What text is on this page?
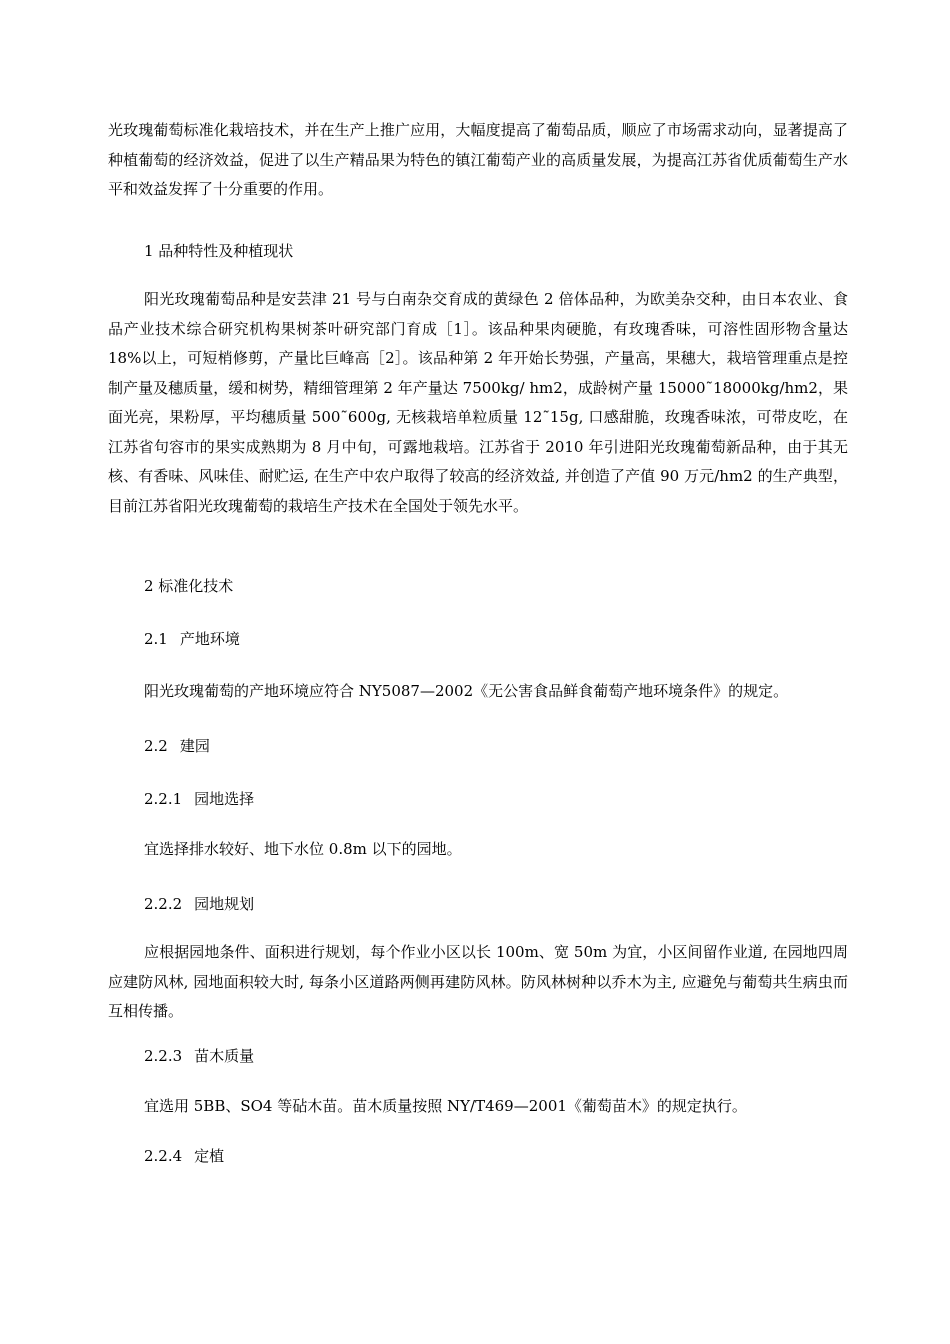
光玫瑰葡萄标准化栽培技术，并在生产上推广应用，大幅度提高了葡萄品质，顺应了市场需求动向，显著提高了种植葡萄的经济效益，促进了以生产精品果为特色的镇江葡萄产业的高质量发展，为提高江苏省优质葡萄生产水平和效益发挥了十分重要的作用。

1 品种特性及种植现状

阳光玫瑰葡萄品种是安芸津 21 号与白南杂交育成的黄绿色 2 倍体品种，为欧美杂交种，由日本农业、食品产业技术综合研究机构果树茶叶研究部门育成［1］。该品种果肉硬脆，有玫瑰香味，可溶性固形物含量达 18%以上，可短梢修剪，产量比巨峰高［2］。该品种第 2 年开始长势强，产量高，果穗大，栽培管理重点是控制产量及穗质量，缓和树势，精细管理第 2 年产量达 7500kg/ hm2，成龄树产量 15000˜18000kg/hm2，果面光亮，果粉厚，平均穗质量 500˜600g, 无核栽培单粒质量 12˜15g, 口感甜脆，玫瑰香味浓，可带皮吃，在江苏省句容市的果实成熟期为 8 月中旬，可露地栽培。江苏省于 2010 年引进阳光玫瑰葡萄新品种，由于其无核、有香味、风味佳、耐贮运, 在生产中农户取得了较高的经济效益, 并创造了产值 90 万元/hm2 的生产典型，目前江苏省阳光玫瑰葡萄的栽培生产技术在全国处于领先水平。

2 标准化技术

2.1 产地环境

阳光玫瑰葡萄的产地环境应符合 NY5087—2002《无公害食品鲜食葡萄产地环境条件》的规定。

2.2 建园

2.2.1 园地选择

宜选择排水较好、地下水位 0.8m 以下的园地。

2.2.2 园地规划

应根据园地条件、面积进行规划，每个作业小区以长 100m、宽 50m 为宜，小区间留作业道, 在园地四周应建防风林, 园地面积较大时, 每条小区道路两侧再建防风林。防风林树种以乔木为主, 应避免与葡萄共生病虫而互相传播。

2.2.3 苗木质量

宜选用 5BB、SO4 等砧木苗。苗木质量按照 NY/T469—2001《葡萄苗木》的规定执行。

2.2.4 定植
